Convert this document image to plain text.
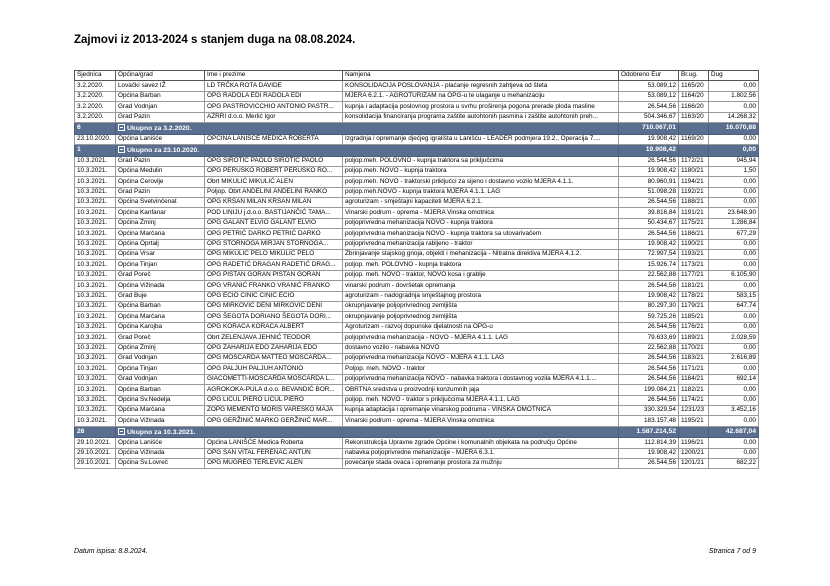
Zajmovi iz 2013-2024 s stanjem duga na 08.08.2024.
Sjednica	Općina/grad	Ime i prezime	Namjena	Odobreno Eur	Br.ug.	Dug
3.2.2020.	Lovački savez IŽ	LD TRČKA ROTA DAVIDE	KONSOLIDACIJA POSLOVANJA - plaćanje regresnih zahtjeva od šteta	53.089,12	1165/20	0,00
3.2.2020.	Općina Barban	OPG RADOLA EDI RADOLA EDI	MJERA 6.2.1. - AGROTURIZAM na OPG-u te ulaganje u mehanizaciju	53.089,12	1164/20	1.802,56
3.2.2020.	Grad Vodnjan	OPG PASTROVICCHIO ANTONIO PASTR...	kupnja i adaptacija poslovnog prostora u svrhu proširenja pogona prerade ploda masline	26.544,56	1166/20	0,00
3.2.2020.	Grad Pazin	AZRRI d.o.o. Merlić Igor	konsolidacija financiranja programa zaštite autohtonih pasmina i zaštite autohtonih preh...	504.346,67	1163/20	14.268,32
6	Ukupno za 3.2.2020.			710.067,01		16.070,88
23.10.2020.	Općina Lanišće	OPĆINA LANIŠĆE MEDICA ROBERTA	Izgradnja i opremanje dječjeg igrališta u Lanišću - LEADER podmjera 19.2., Operacija 7....	19.908,42	1169/20	0,00
1	Ukupno za 23.10.2020.			19.908,42		0,00
10.3.2021.	Grad Pazin	OPG SIROTIĆ PAOLO SIROTIĆ PAOLO	poljop.meh. POLOVNO - kupnja traktora sa priključcima	26.544,56	1172/21	945,94
10.3.2021.	Općina Medulin	OPG PERUŠKO ROBERT PERUŠKO RO...	poljop.meh. NOVO - kupnja traktora	19.908,42	1180/21	1,50
10.3.2021.	Općina Cerovlje	Obrt MIKULIĆ MIKULIĆ ALEN	poljop.meh. NOVO - traktorski priključci za sijeno i dostavno vozilo MJERA 4.1.1.	80.960,91	1194/21	0,00
10.3.2021.	Grad Pazin	Poljop. Obrt ANDELINI ANDELINI RANKO	poljop.meh.NOVO - kupnja traktora MJERA 4.1.1. LAG	51.098,28	1192/21	0,00
10.3.2021.	Općina Svetvinčenat	OPG KRSAN MILAN KRSAN MILAN	agroturizam - smještajni kapaciteti MJERA 6.2.1.	26.544,56	1188/21	0,00
10.3.2021.	Općina Kanfanar	POD LINIJU j.d.o.o. BASTIJANČIĆ TAMA...	Vinarski podrum - oprema - MJERA Vinska omotnica	39.816,84	1191/21	23.648,90
10.3.2021.	Općina Žminj	OPG GALANT ELVIO GALANT ELVIO	poljoprivredna mehanizacija NOVO - kupnja traktora	50.434,67	1175/21	1.286,84
10.3.2021.	Općina Marčana	OPG PETRIĆ DARKO PETRIĆ DARKO	poljoprivredna mehanizacija NOVO - kupnja traktora sa utovarivačem	26.544,56	1186/21	677,29
10.3.2021.	Općina Oprtalj	OPG STORNOGA MIRJAN STORNOGA...	poljoprivredna mehanizacija rabljeno - traktor	19.908,42	1190/21	0,00
10.3.2021.	Općina Vrsar	OPG MIKULIĆ PELO MIKULIĆ PELO	Zbrinjavanje stajskog gnoja, objekti i mehanizacija - Nitratna direktiva MJERA 4.1.2.	72.997,54	1193/21	0,00
10.3.2021.	Općina Tinjan	OPG RADETIĆ DRAGAN RADETIĆ DRAG...	poljop. meh. POLOVNO - kupnja traktora	15.926,74	1173/21	0,00
10.3.2021.	Grad Poreč	OPG PIŠTAN GORAN PIŠTAN GORAN	poljop. meh. NOVO - traktor, NOVO kosa i grablje	22.562,88	1177/21	6.105,90
10.3.2021.	Općina Vižinada	OPG VRANIĆ FRANKO VRANIĆ FRANKO	vinarski podrum - dovršetak opremanja	26.544,56	1181/21	0,00
10.3.2021.	Grad Buje	OPG ECIO CINIĆ CINIĆ ECIO	agroturizam - nadogradnja smještajnog prostora	19.908,42	1178/21	583,15
10.3.2021.	Općina Barban	OPG MIRKOVIĆ DENI MIRKOVIĆ DENI	okrupnjavanje poljoprivrednog zemljišta	80.297,30	1179/21	647,74
10.3.2021.	Općina Marčana	OPG ŠEGOTA DORIANO ŠEGOTA DORI...	okrupnjavanje poljoprivrednog zemljišta	59.725,26	1185/21	0,00
10.3.2021.	Općina Karojba	OPG KORACA KORACA ALBERT	Agroturizam - razvoj dopunske djelatnosti na OPG-u	26.544,56	1176/21	0,00
10.3.2021.	Grad Poreč	Obrt ZELENJAVA JEHNIĆ TEODOR	poljoprivredna mehanizacija - NOVO - MJERA 4.1.1. LAG	79.633,69	1189/21	2.028,59
10.3.2021.	Općina Žminj	OPG ZAHARIJA EDO ZAHARIJA EDO	dostavno vozilo - nabavka NOVO	22.562,88	1170/21	0,00
10.3.2021.	Grad Vodnjan	OPG MOSCARDA MATTEO MOSCARDA...	poljoprivredna mehanizacija NOVO - MJERA 4.1.1. LAG	26.544,56	1183/21	2.616,89
10.3.2021.	Općina Tinjan	OPG PALJUH PALJUH ANTONIO	Poljop. meh. NOVO - traktor	26.544,56	1171/21	0,00
10.3.2021.	Grad Vodnjan	GIACOMETTI-MOSCARDA MOSCARDA L...	poljoprivredna mehanizacija NOVO - nabavka traktora i dostavnog vozila MJERA 4.1.1....	26.544,56	1184/21	692,14
10.3.2021.	Općina Barban	AGROKOKA-PULA d.o.o. BEVANDIĆ BOR...	OBRTNA sredstva u proizvodnji konzumnih jaja	199.084,21	1182/21	0,00
10.3.2021.	Općina Sv.Nedelja	OPG LICUL PIERO LICUL PIERO	poljop. meh. NOVO - traktor s priključcima MJERA 4.1.1. LAG	26.544,56	1174/21	0,00
10.3.2021.	Općina Marčana	ZOPG MEMENTO MORIS VAREŠKO MAJA	kupnja adaptacija i opremanje vinarskog podruma - VINSKA OMOTNICA	330.329,54	1231/23	3.452,16
10.3.2021.	Općina Vižinada	OPG GERŽINIĆ MARKO GERŽINIĆ MAR...	Vinarski podrum - oprema - MJERA Vinska omotnica	183.157,48	1195/21	0,00
26	Ukupno za 10.3.2021.			1.587.214,52		42.687,04
29.10.2021.	Općina Lanišće	Općina LANIŠĆE Medica Roberta	Rekonstrukcija Upravne zgrade Općine i komunalnih objekata na području Općine	112.814,39	1196/21	0,00
29.10.2021.	Općina Vižinada	OPG SAN VITAL FERENAC ANTUN	nabavka poljoprivredne mehanizacije - MJERA 6.3.1.	19.908,42	1200/21	0,00
29.10.2021.	Općina Sv.Lovreč	OPG MUGREG TERLEVIĆ ALEN	povećanje stada ovaca i opremanje prostora za mužnju	26.544,56	1201/21	682,22
Datum ispisa: 8.8.2024.	Stranica 7 od 9
